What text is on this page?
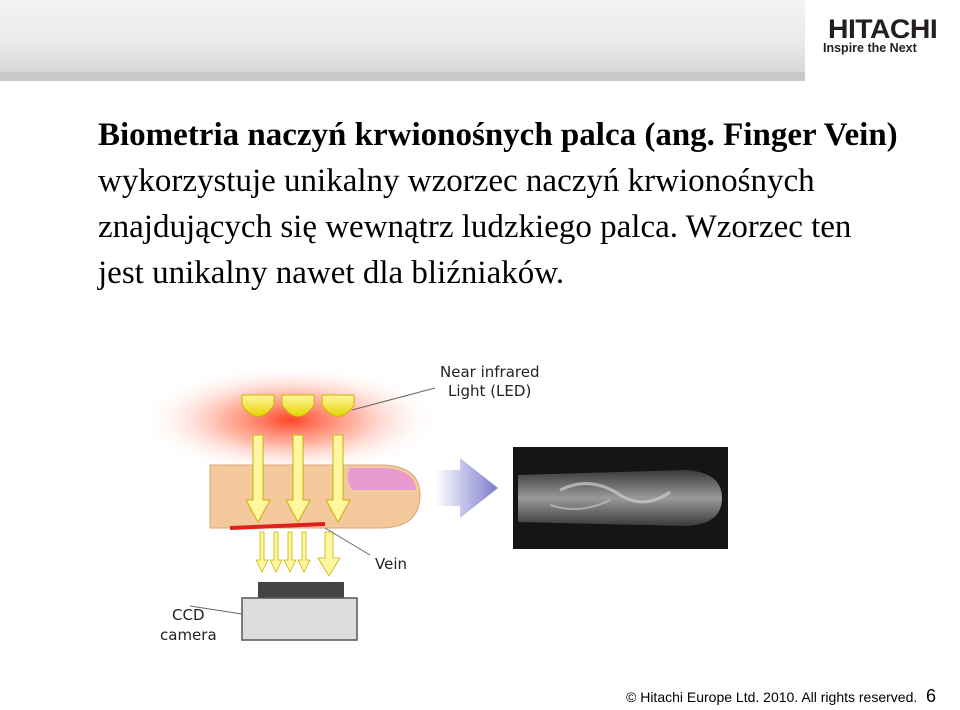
HITACHI
Inspire the Next
Biometria naczyń krwionośnych palca (ang. Finger Vein) wykorzystuje unikalny wzorzec naczyń krwionośnych znajdujących się wewnątrz ludzkiego palca. Wzorzec ten jest unikalny nawet dla bliźniaków.
Near infrared
Light (LED)
Vein
CCD
camera
© Hitachi Europe Ltd. 2010. All rights reserved. 6
